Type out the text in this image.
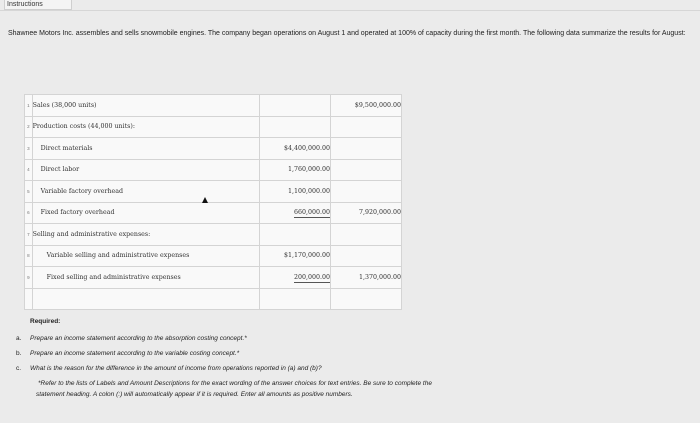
Instructions
Shawnee Motors Inc. assembles and sells snowmobile engines. The company began operations on August 1 and operated at 100% of capacity during the first month. The following data summarize the results for August:
1	Sales (38,000 units)		$9,500,000.00
2	Production costs (44,000 units):		
3	Direct materials	$4,400,000.00	
4	Direct labor	1,760,000.00	
5	Variable factory overhead	1,100,000.00	
6	Fixed factory overhead	660,000.00	7,920,000.00
7	Selling and administrative expenses:		
8	Variable selling and administrative expenses	$1,170,000.00	
9	Fixed selling and administrative expenses	200,000.00	1,370,000.00

Required:
a. Prepare an income statement according to the absorption costing concept.*
b. Prepare an income statement according to the variable costing concept.*
c. What is the reason for the difference in the amount of income from operations reported in (a) and (b)?
*Refer to the lists of Labels and Amount Descriptions for the exact wording of the answer choices for text entries. Be sure to complete the
statement heading. A colon (:) will automatically appear if it is required. Enter all amounts as positive numbers.
